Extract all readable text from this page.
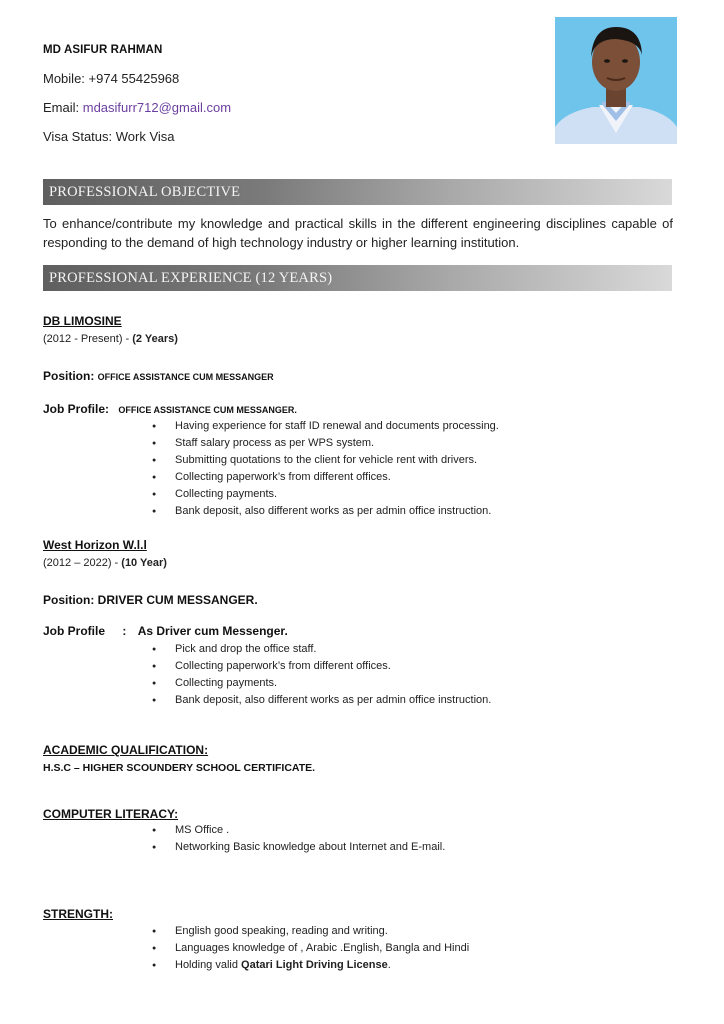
MD ASIFUR RAHMAN
Mobile: +974 55425968
Email: mdasifurr712@gmail.com
Visa Status: Work Visa
PROFESSIONAL OBJECTIVE
To enhance/contribute my knowledge and practical skills in the different engineering disciplines capable of responding to the demand of high technology industry or higher learning institution.
PROFESSIONAL EXPERIENCE (12 YEARS)
DB LIMOSINE
(2012 - Present) - (2 Years)
Position: OFFICE ASSISTANCE CUM MESSANGER
Job Profile: OFFICE ASSISTANCE CUM MESSANGER.
● Having experience for staff ID renewal and documents processing.
● Staff salary process as per WPS system.
● Submitting quotations to the client for vehicle rent with drivers.
● Collecting paperwork’s from different offices.
● Collecting payments.
● Bank deposit, also different works as per admin office instruction.
West Horizon W.l.l
(2012 – 2022) - (10 Year)
Position: DRIVER CUM MESSANGER.
Job Profile : As Driver cum Messenger.
● Pick and drop the office staff.
● Collecting paperwork’s from different offices.
● Collecting payments.
● Bank deposit, also different works as per admin office instruction.
ACADEMIC QUALIFICATION:
H.S.C – HIGHER SCOUNDERY SCHOOL CERTIFICATE.
COMPUTER LITERACY:
● MS Office .
● Networking Basic knowledge about Internet and E-mail.
STRENGTH:
● English good speaking, reading and writing.
● Languages knowledge of , Arabic .English, Bangla and Hindi
● Holding valid Qatari Light Driving License.
